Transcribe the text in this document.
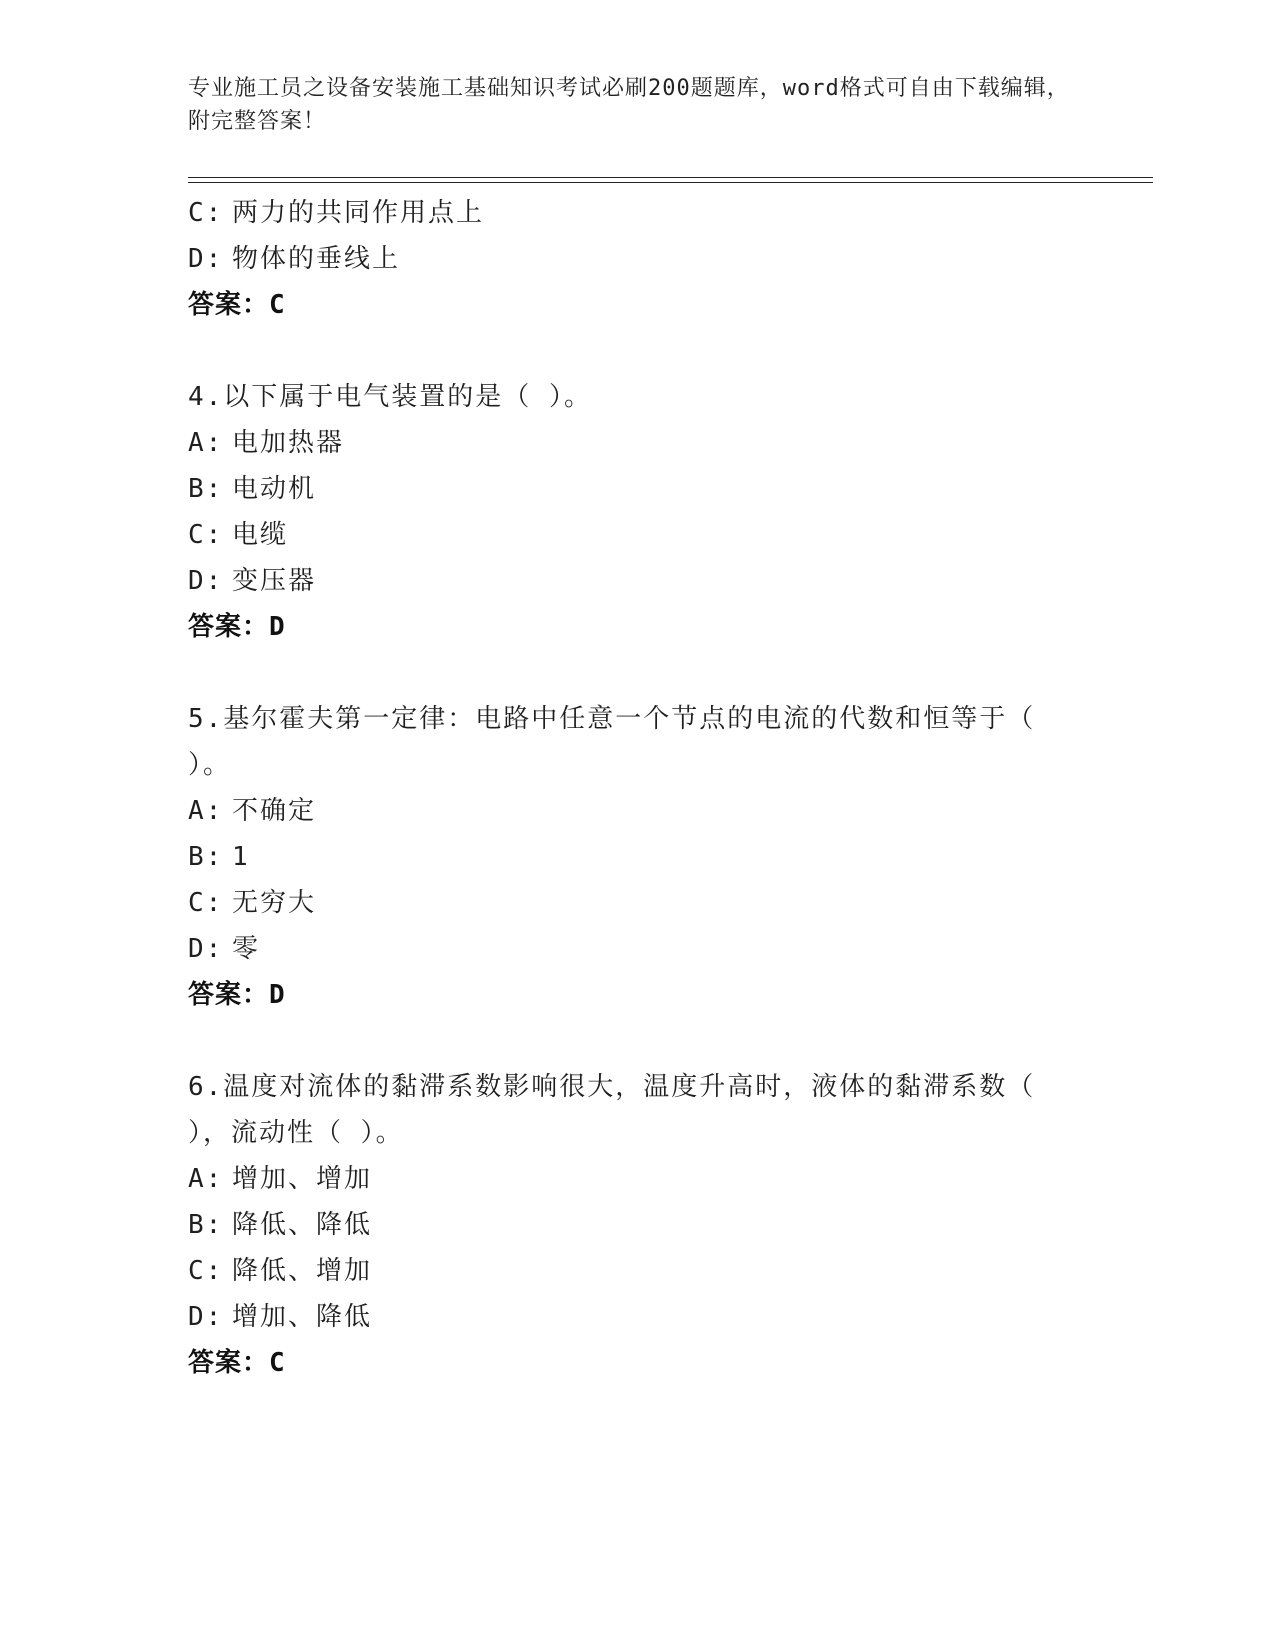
专业施工员之设备安装施工基础知识考试必刷200题题库，word格式可自由下载编辑，附完整答案！
C: 两力的共同作用点上
D: 物体的垂线上
答案：C
4.以下属于电气装置的是（ ）。
A: 电加热器
B: 电动机
C: 电缆
D: 变压器
答案：D
5.基尔霍夫第一定律：电路中任意一个节点的电流的代数和恒等于（ ）。
A: 不确定
B: 1
C: 无穷大
D: 零
答案：D
6.温度对流体的黏滞系数影响很大，温度升高时，液体的黏滞系数（ ），流动性（ ）。
A: 增加、增加
B: 降低、降低
C: 降低、增加
D: 增加、降低
答案：C
